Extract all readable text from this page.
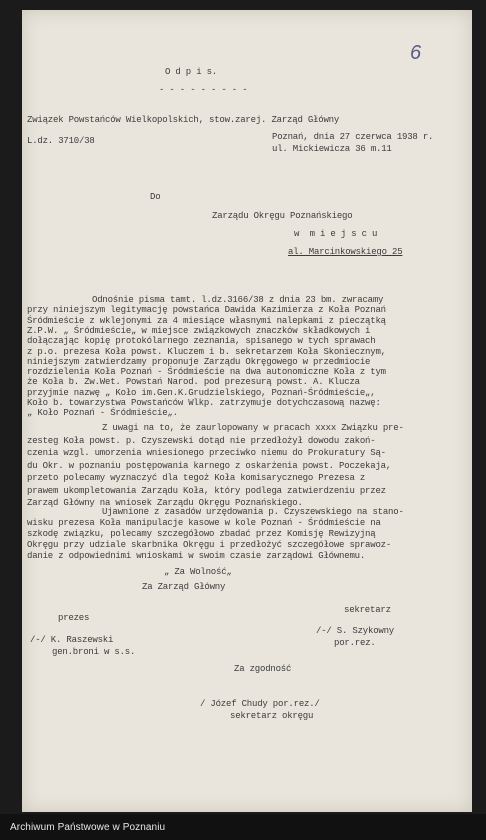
6
O d p i s.
- - - - - - - - -
Związek Powstańców Wielkopolskich, stow.zarej. Zarząd Główny
L.dz. 3710/38	Poznań, dnia 27 czerwca 1938 r.
ul. Mickiewicza 36 m.11
Do
Zarządu Okręgu Poznańskiego
w  m i e j s c u
al. Marcinkowskiego 25
Odnośnie pisma tamt. l.dz.3166/38 z dnia 23 bm. zwracamy
przy niniejszym legitymację powstańca Dawida Kazimierza z Koła Poznań
Śródmieście z wklejonymi za 4 miesiące własnymi nalepkami z pieczątką
Z.P.W. „ Śródmieście„ w miejsce związkowych znaczków składkowych i
dołączając kopię protokólarnego zeznania, spisanego w tych sprawach
z p.o. prezesa Koła powst. Kluczem i b. sekretarzem Koła Skoniecznym,
niniejszym zatwierdzamy proponuje Zarządu Okręgowego w przedmiocie
rozdzielenia Koła Poznań - Śródmieście na dwa autonomiczne Koła z tym
że Koła b. Zw.Wet. Powstań Narod. pod prezesurą powst. A. Klucza
przyjmie nazwę „ Koło im.Gen.K.Grudzielskiego, Poznań-Śródmieście„,
Koło b. towarzystwa Powstańców Wlkp. zatrzymuje dotychczasową nazwę:
„ Koło Poznań - Śródmieście„.
Z uwagi na to, że zaurlopowany w pracach xxxx Związku pre-
zesteg Koła powst. p. Czyszewski dotąd nie przedłożył dowodu zakoń-
czenia wzgl. umorzenia wniesionego przeciwko niemu do Prokuratury Są-
du Okr. w poznaniu postępowania karnego z oskarżenia powst. Poczekaja,
przeto polecamy wyznaczyć dla tegoż Koła komisarycznego Prezesa z
prawem ukompletowania Zarządu Koła, który podlega zatwierdzeniu przez
Zarząd Główny na wniosek Zarządu Okręgu Poznańskiego.
Ujawnione z zasadów urzędowania p. Czyszewskiego na stano-
wisku prezesa Koła manipulacje kasowe w kole Poznań - Śródmieście na
szkodę związku, polecamy szczegółowo zbadać przez Komisję Rewizyjną
Okręgu przy udziale skarbnika Okręgu i przedłożyć szczegółowe sprawoz-
danie z odpowiednimi wnioskami w swoim czasie zarządowi Głównemu.
„ Za Wolność„
Za Zarząd Główny
prezes
/-/ K. Raszewski
gen.broni w s.s.
sekretarz
/-/ S. Szykowny
por.rez.
Za zgodność
/ Józef Chudy por.rez./
sekretarz okręgu
Archiwum Państwowe w Poznaniu
